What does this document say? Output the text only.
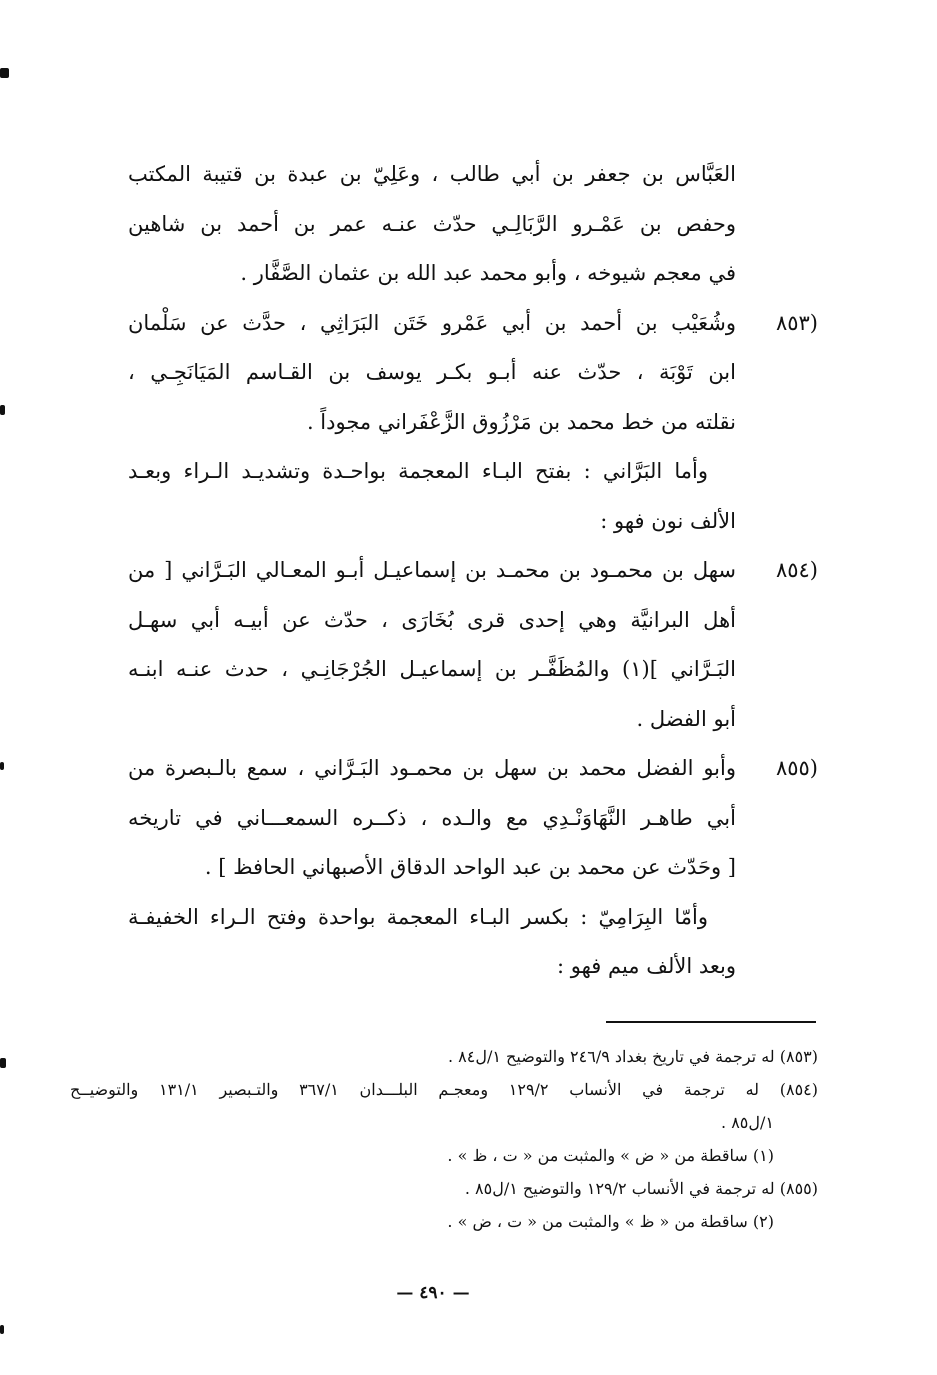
العَبَّاس بن جعفر بن أبي طالب ، وعَلِيّ بن عبدة بن قتيبة المكتب
وحفص بن عَمْـرو الرَّبَالِـي حدّث عنـه عمر بن أحمد بن شاهين
في معجم شيوخه ، وأبو محمد عبد الله بن عثمان الصَّفَّار .
(٨٥٣
وشُعَيْب بن أحمد بن أبي عَمْرو خَتَن البَرَاثِي ، حدَّث عن سَلْمان
ابن تَوْبَة ، حدّث عنه أبـو بكـر يوسف بن القـاسم المَيَانَجِـي ،
نقلته من خط محمد بن مَرْزُوق الزَّعْفَراني مجوداً .
وأما البَرَّاني : بفتح البـاء المعجمة بواحـدة وتشديـد الـراء وبعـد
الألف نون فهو :
(٨٥٤
سهل بن محمـود بن محمـد بن إسماعيـل أبـو المعـالي البَـرَّاني [ من
أهل البرانيَّة وهي إحدى قرى بُخَارَى ، حدّث عن أبيـه أبي سهـل
البَـرَّاني ](١) والمُظَفَّـر بن إسماعيـل الجُرْجَانِـي ، حدث عنـه ابنـه
أبو الفضل .
(٨٥٥
وأبو الفضل محمد بن سهل بن محمـود البَـرَّاني ، سمع بالـبصرة من
أبي طاهـر النَّهَاوَنْـدِي مع والـده ، ذكــره السمعـــاني في تاريخه
[ وحَدّث عن محمد بن عبد الواحد الدقاق الأصبهاني الحافظ ] .
وأمّا البِرَامِيّ : بكسر البـاء المعجمة بواحدة وفتح الـراء الخفيفـة
وبعد الألف ميم فهو :
(٨٥٣) له ترجمة في تاريخ بغداد ٢٤٦/٩ والتوضيح ١/ل٨٤ .
(٨٥٤) له ترجمة في الأنساب ١٢٩/٢ ومعجـم البلـــدان ٣٦٧/١ والتـبصير ١٣١/١ والتوضيــح
١/ل٨٥ .
(١) ساقطة من « ض » والمثبت من « ت ، ظ » .
(٨٥٥) له ترجمة في الأنساب ١٢٩/٢ والتوضيح ١/ل٨٥ .
(٢) ساقطة من « ظ » والمثبت من « ت ، ض » .
— ٤٩٠ —
